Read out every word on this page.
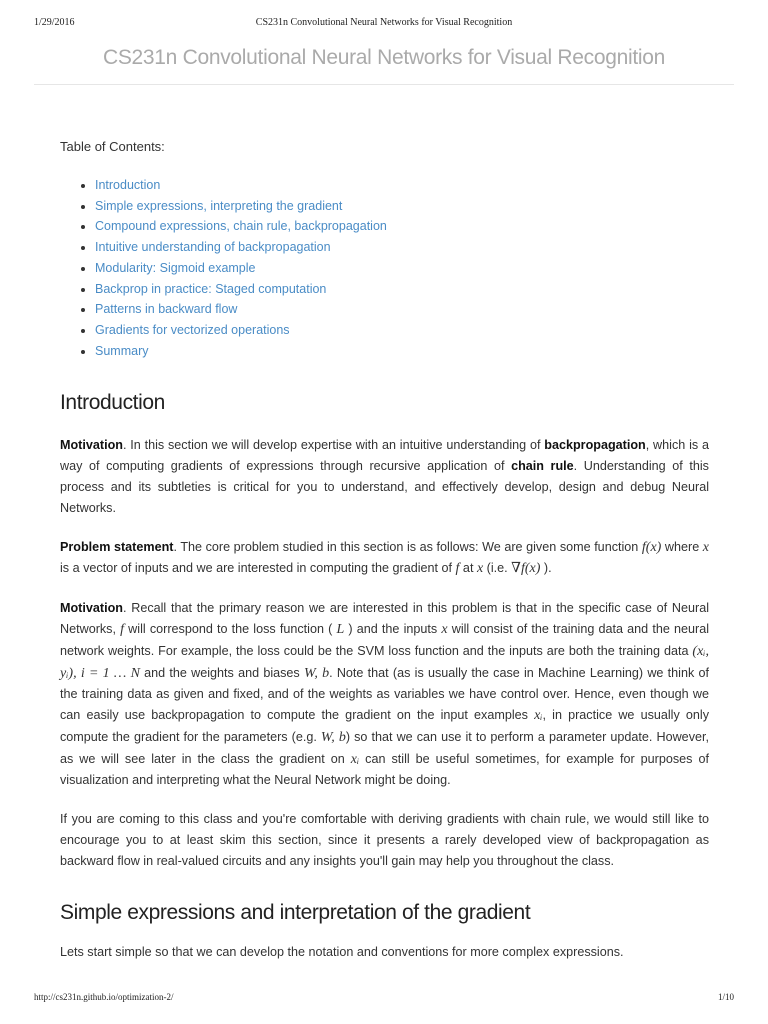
1/29/2016	CS231n Convolutional Neural Networks for Visual Recognition
CS231n Convolutional Neural Networks for Visual Recognition
Table of Contents:
• Introduction
• Simple expressions, interpreting the gradient
• Compound expressions, chain rule, backpropagation
• Intuitive understanding of backpropagation
• Modularity: Sigmoid example
• Backprop in practice: Staged computation
• Patterns in backward flow
• Gradients for vectorized operations
• Summary
Introduction

Motivation. In this section we will develop expertise with an intuitive understanding of backpropagation, which is a way of computing gradients of expressions through recursive application of chain rule. Understanding of this process and its subtleties is critical for you to understand, and effectively develop, design and debug Neural Networks.

Problem statement. The core problem studied in this section is as follows: We are given some function f(x) where x is a vector of inputs and we are interested in computing the gradient of f at x (i.e. ∇f(x) ).

Motivation. Recall that the primary reason we are interested in this problem is that in the specific case of Neural Networks, f will correspond to the loss function ( L ) and the inputs x will consist of the training data and the neural network weights. For example, the loss could be the SVM loss function and the inputs are both the training data (xᵢ, yᵢ), i = 1 … N and the weights and biases W, b. Note that (as is usually the case in Machine Learning) we think of the training data as given and fixed, and of the weights as variables we have control over. Hence, even though we can easily use backpropagation to compute the gradient on the input examples xᵢ, in practice we usually only compute the gradient for the parameters (e.g. W, b) so that we can use it to perform a parameter update. However, as we will see later in the class the gradient on xᵢ can still be useful sometimes, for example for purposes of visualization and interpreting what the Neural Network might be doing.

If you are coming to this class and you're comfortable with deriving gradients with chain rule, we would still like to encourage you to at least skim this section, since it presents a rarely developed view of backpropagation as backward flow in real-valued circuits and any insights you'll gain may help you throughout the class.

Simple expressions and interpretation of the gradient

Lets start simple so that we can develop the notation and conventions for more complex expressions.

http://cs231n.github.io/optimization-2/	1/10
